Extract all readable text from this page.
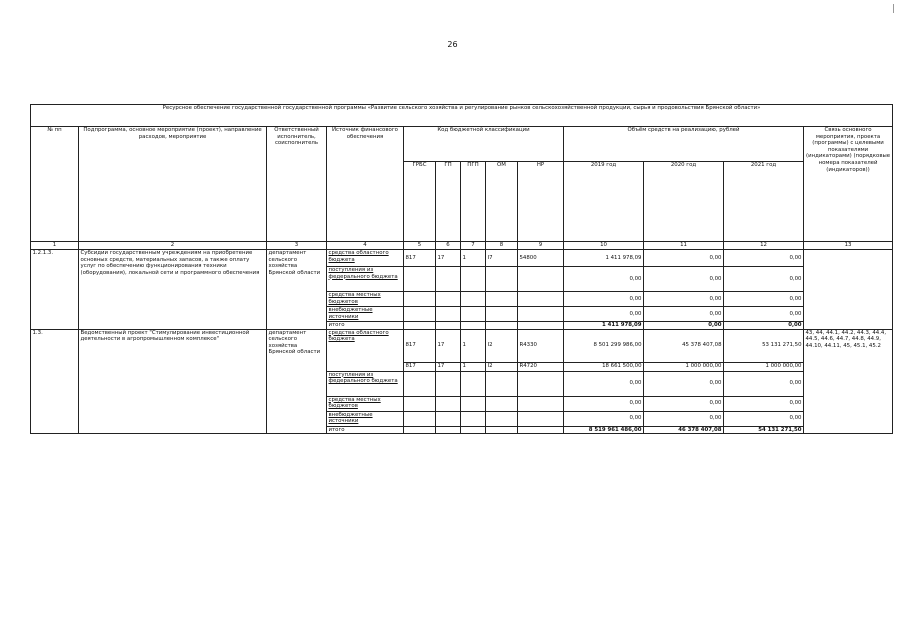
26
Ресурсное обеспечение государственной государственной программы «Развитие сельского хозяйства и регулирование рынков сельскохозяйственной продукции, сырья и продовольствия Брянской области»												
№ пп	Подпрограмма, основное мероприятие (проект), направление расходов, мероприятие	Ответственный исполнитель, соисполнитель	Источник финансового обеспечения	Код бюджетной классификации					Объём средств на реализацию, рублей			Связь основного мероприятия, проекта (программы) с целевыми показателями (индикаторами) (порядковые номера показателей (индикаторов))
				ГРБС	ГП	ПГП	ОМ	НР	2019 год	2020 год	2021 год	
1	2	3	4	5	6	7	8	9	10	11	12	13
1.2.1.3.	Субсидии государственным учреждениям на приобретение основных средств, материальных запасов, а также оплату услуг по обеспечению функционирования техники (оборудования), локальной сети и программного обеспечения	департамент сельского хозяйства Брянской области	средства областного бюджета	817	17	1	I7	54800	1 411 978,09	0,00	0,00	
			поступления из федерального бюджета						0,00	0,00	0,00	
			средства местных бюджетов						0,00	0,00	0,00	
			внебюджетные источники						0,00	0,00	0,00	
			итого						1 411 978,09	0,00	0,00	
1.3.	Ведомственный проект "Стимулирование инвестиционной деятельности в агропромышленном комплексе"	департамент сельского хозяйства Брянской области	средства областного бюджета	817	17	1	I2	R4330	8 501 299 986,00	45 378 407,08	53 131 271,50	43, 44, 44.1, 44.2, 44.3, 44.4, 44.5, 44.6, 44.7, 44.8, 44.9, 44.10, 44.11, 45, 45.1, 45.2
				817	17	1	I2	R4720	18 661 500,00	1 000 000,00	1 000 000,00	
			поступления из федерального бюджета						0,00	0,00	0,00	
			средства местных бюджетов						0,00	0,00	0,00	
			внебюджетные источники						0,00	0,00	0,00	
			итого						8 519 961 486,00	46 378 407,08	54 131 271,50	
